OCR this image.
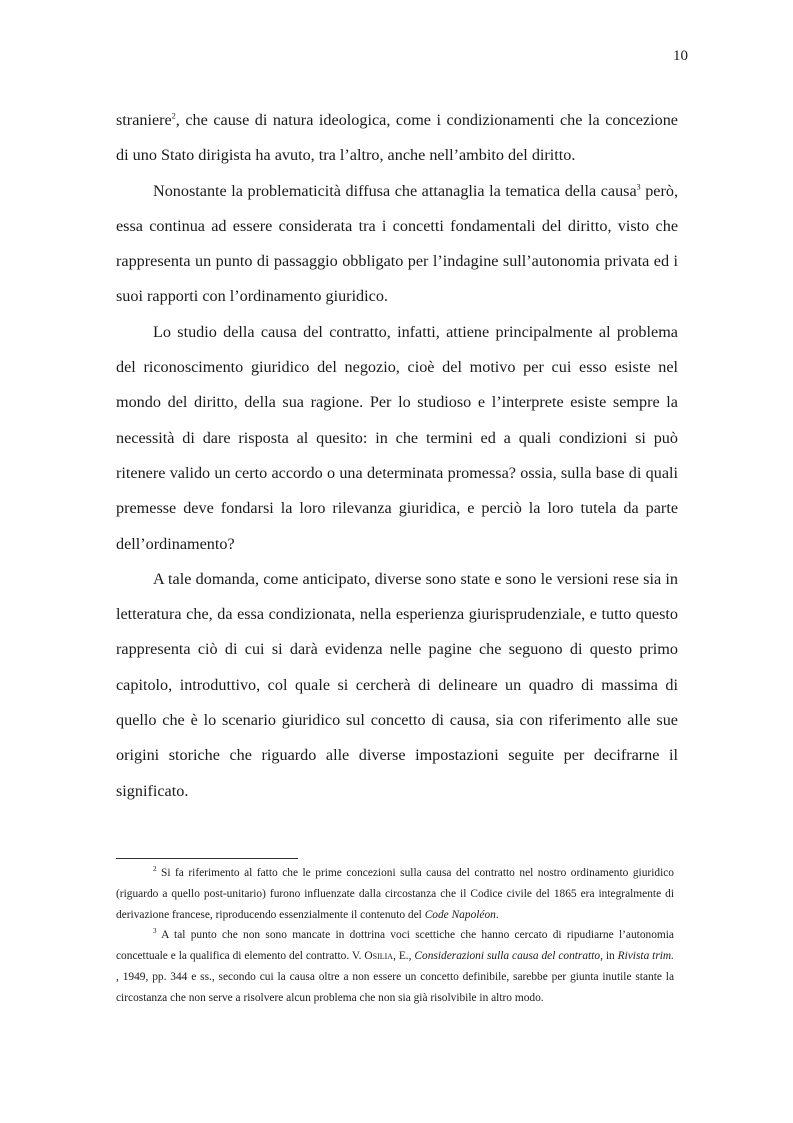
10

straniere$^2$, che cause di natura ideologica, come i condizionamenti che la concezione di uno Stato dirigista ha avuto, tra l’altro, anche nell’ambito del diritto.

Nonostante la problematicità diffusa che attanaglia la tematica della causa$^3$ però, essa continua ad essere considerata tra i concetti fondamentali del diritto, visto che rappresenta un punto di passaggio obbligato per l’indagine sull’autonomia privata ed i suoi rapporti con l’ordinamento giuridico.

Lo studio della causa del contratto, infatti, attiene principalmente al problema del riconoscimento giuridico del negozio, cioè del motivo per cui esso esiste nel mondo del diritto, della sua ragione. Per lo studioso e l’interprete esiste sempre la necessità di dare risposta al quesito: in che termini ed a quali condizioni si può ritenere valido un certo accordo o una determinata promessa? ossia, sulla base di quali premesse deve fondarsi la loro rilevanza giuridica, e perciò la loro tutela da parte dell’ordinamento?

A tale domanda, come anticipato, diverse sono state e sono le versioni rese sia in letteratura che, da essa condizionata, nella esperienza giurisprudenziale, e tutto questo rappresenta ciò di cui si darà evidenza nelle pagine che seguono di questo primo capitolo, introduttivo, col quale si cercherà di delineare un quadro di massima di quello che è lo scenario giuridico sul concetto di causa, sia con riferimento alle sue origini storiche che riguardo alle diverse impostazioni seguite per decifrarne il significato.

$^2$ Si fa riferimento al fatto che le prime concezioni sulla causa del contratto nel nostro ordinamento giuridico (riguardo a quello post-unitario) furono influenzate dalla circostanza che il Codice civile del 1865 era integralmente di derivazione francese, riproducendo essenzialmente il contenuto del Code Napoléon.

$^3$ A tal punto che non sono mancate in dottrina voci scettiche che hanno cercato di ripudiarne l’autonomia concettuale e la qualifica di elemento del contratto. V. Osilia, E., Considerazioni sulla causa del contratto, in Rivista trim. , 1949, pp. 344 e ss., secondo cui la causa oltre a non essere un concetto definibile, sarebbe per giunta inutile stante la circostanza che non serve a risolvere alcun problema che non sia già risolvibile in altro modo.
